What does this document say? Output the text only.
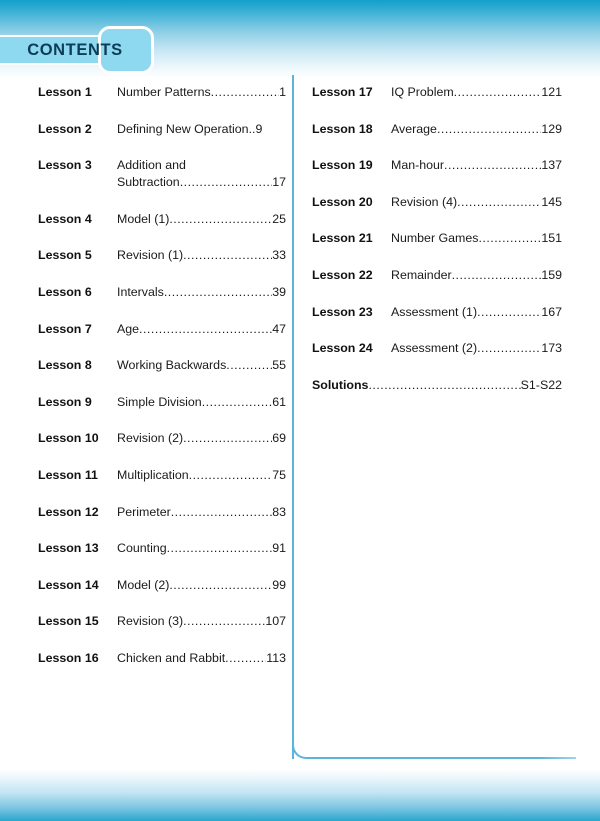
CONTENTS
Lesson 1	Number Patterns .....	1
Lesson 2	Defining New Operation .. 9
Lesson 3	Addition and
Subtraction .....	17
Lesson 4	Model (1) .....	25
Lesson 5	Revision (1) .....	33
Lesson 6	Intervals .....	39
Lesson 7	Age .....	47
Lesson 8	Working Backwards .....	55
Lesson 9	Simple Division .....	61
Lesson 10	Revision (2) .....	69
Lesson 11	Multiplication .....	75
Lesson 12	Perimeter .....	83
Lesson 13	Counting .....	91
Lesson 14	Model (2) .....	99
Lesson 15	Revision (3) .....	107
Lesson 16	Chicken and Rabbit .....	113
Lesson 17	IQ Problem .....	121
Lesson 18	Average .....	129
Lesson 19	Man-hour .....	137
Lesson 20	Revision (4) .....	145
Lesson 21	Number Games .....	151
Lesson 22	Remainder .....	159
Lesson 23	Assessment (1) .....	167
Lesson 24	Assessment (2) .....	173
Solutions .....	S1-S22
